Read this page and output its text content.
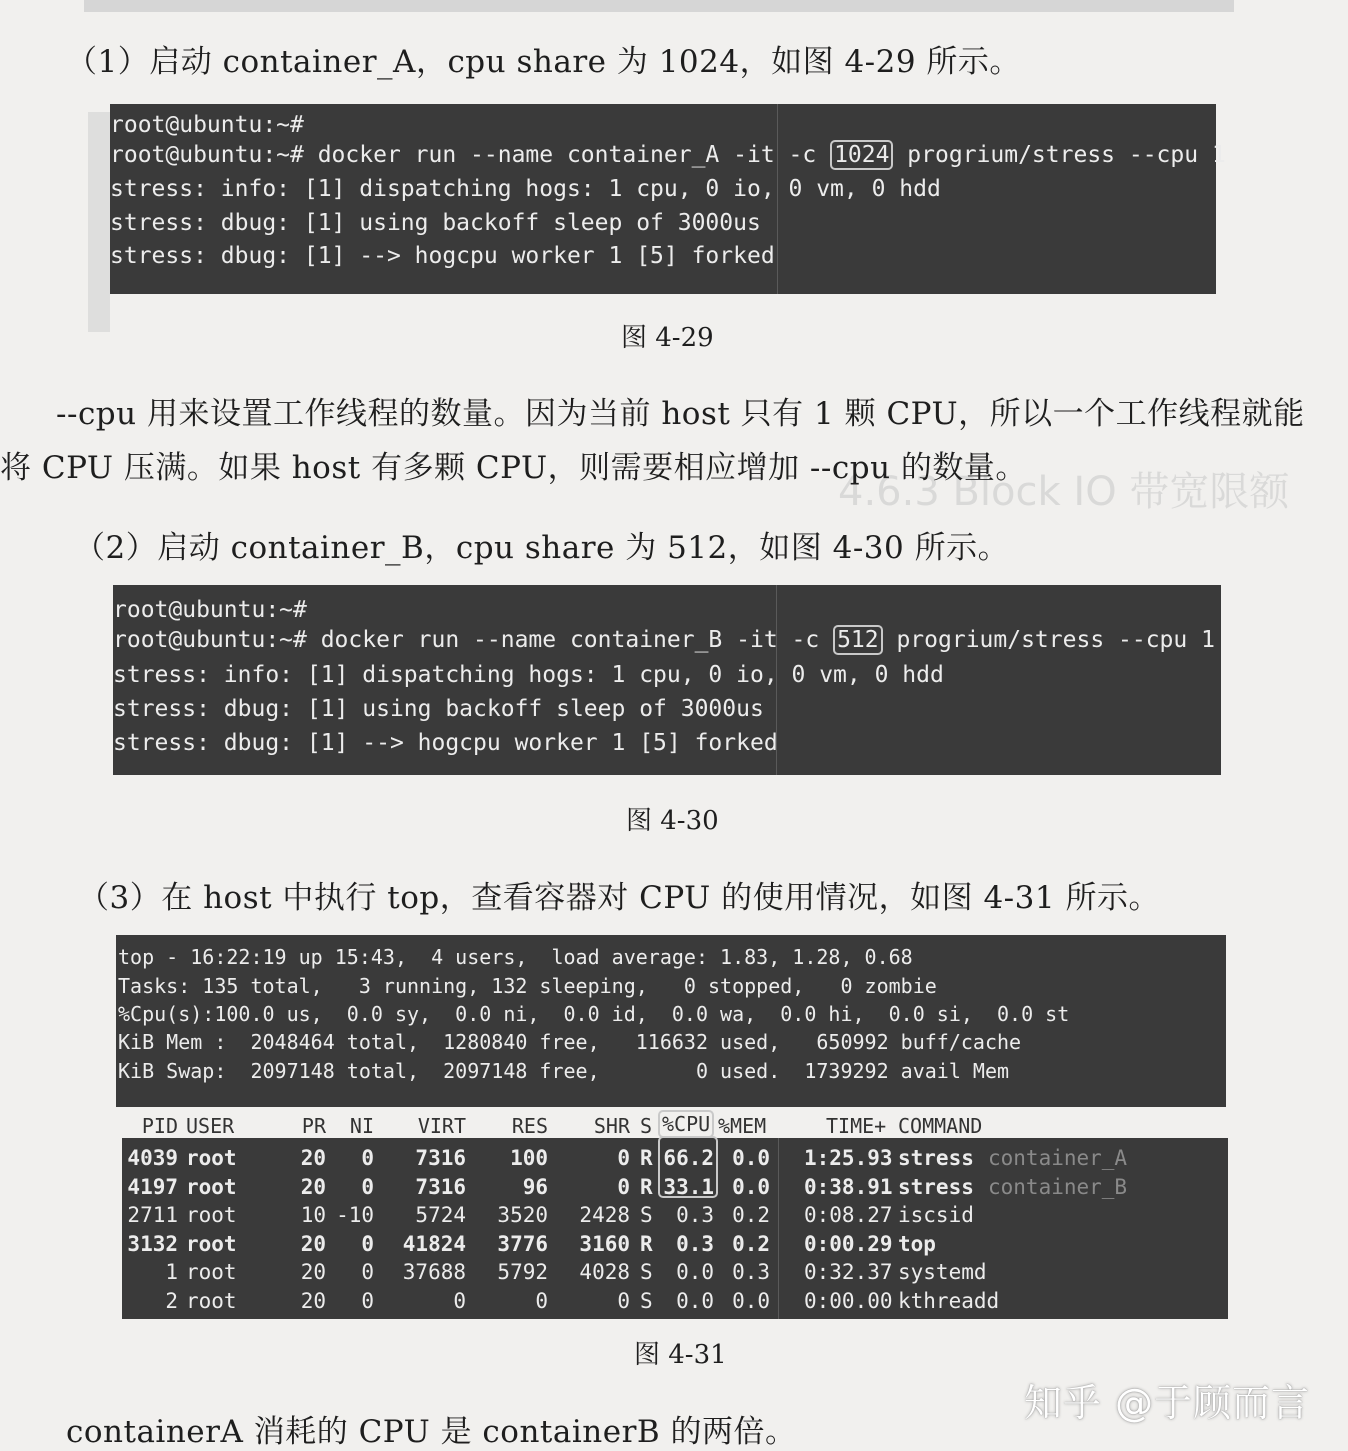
4.6.3 Block IO 带宽限额
（1）启动 container_A，cpu share 为 1024，如图 4-29 所示。
root@ubuntu:~#
root@ubuntu:~# docker run --name container_A -it -c 1024 progrium/stress --cpu 1
stress: info: [1] dispatching hogs: 1 cpu, 0 io, 0 vm, 0 hdd
stress: dbug: [1] using backoff sleep of 3000us
stress: dbug: [1] --> hogcpu worker 1 [5] forked
图 4-29
--cpu 用来设置工作线程的数量。因为当前 host 只有 1 颗 CPU，所以一个工作线程就能
将 CPU 压满。如果 host 有多颗 CPU，则需要相应增加 --cpu 的数量。
（2）启动 container_B，cpu share 为 512，如图 4-30 所示。
root@ubuntu:~#
root@ubuntu:~# docker run --name container_B -it -c 512 progrium/stress --cpu 1
stress: info: [1] dispatching hogs: 1 cpu, 0 io, 0 vm, 0 hdd
stress: dbug: [1] using backoff sleep of 3000us
stress: dbug: [1] --> hogcpu worker 1 [5] forked
图 4-30
（3）在 host 中执行 top，查看容器对 CPU 的使用情况，如图 4-31 所示。
top - 16:22:19 up 15:43,  4 users,  load average: 1.83, 1.28, 0.68
Tasks: 135 total,   3 running, 132 sleeping,   0 stopped,   0 zombie
%Cpu(s):100.0 us,  0.0 sy,  0.0 ni,  0.0 id,  0.0 wa,  0.0 hi,  0.0 si,  0.0 st
KiB Mem :  2048464 total,  1280840 free,   116632 used,   650992 buff/cache
KiB Swap:  2097148 total,  2097148 free,        0 used.  1739292 avail Mem
PID USER	PR	NI	VIRT	RES	SHR S %CPU %MEM	TIME+ COMMAND
4039 root	20	0	7316	100	0 R 66.2 0.0 1:25.93 stress container_A
4197 root	20	0	7316	96	0 R 33.1 0.0 0:38.91 stress container_B
2711 root	10 -10	5724	3520	2428 S	0.3 0.2 0:08.27 iscsid
3132 root	20	0	41824	3776	3160 R	0.3 0.2 0:00.29 top
1 root	20	0	37688	5792	4028 S	0.0 0.3 0:32.37 systemd
2 root	20	0	0	0	0 S	0.0 0.0 0:00.00 kthreadd
图 4-31
containerA 消耗的 CPU 是 containerB 的两倍。
知乎 @于顾而言
